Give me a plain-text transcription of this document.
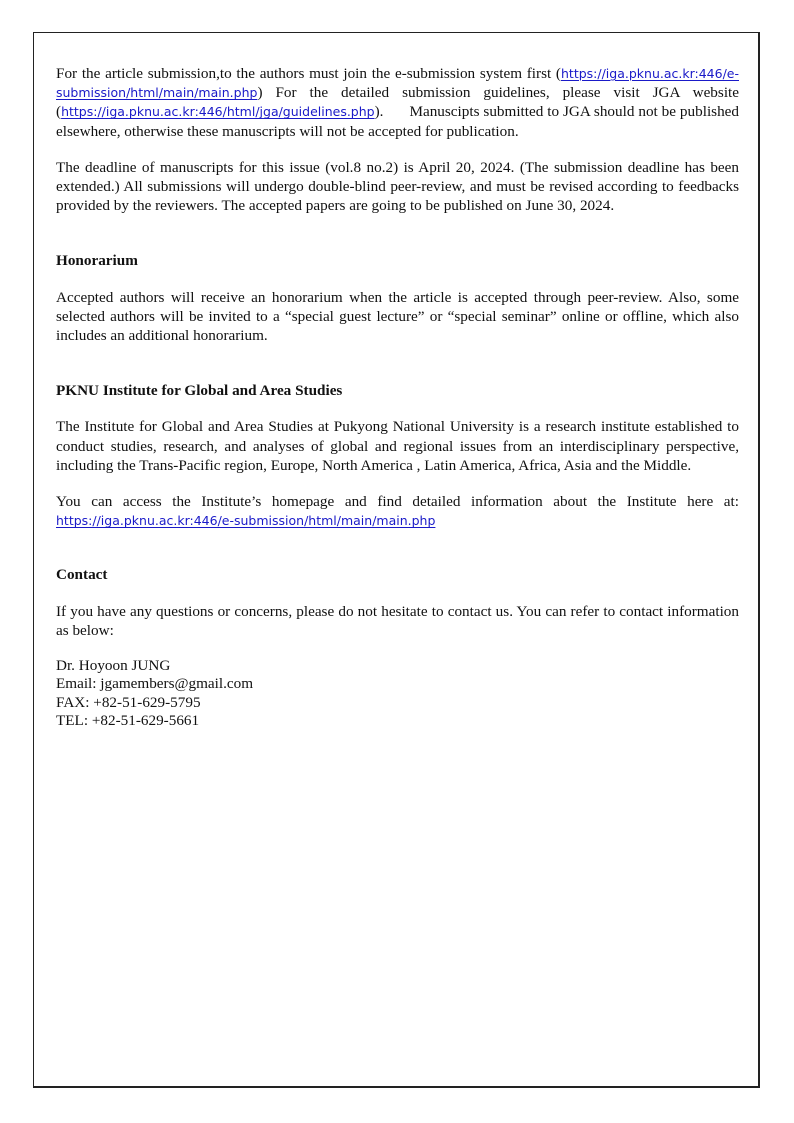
For the article submission,to the authors must join the e-submission system first (https://iga.pknu.ac.kr:446/e-submission/html/main/main.php) For the detailed submission guidelines, please visit JGA website (https://iga.pknu.ac.kr:446/html/jga/guidelines.php). Manuscipts submitted to JGA should not be published elsewhere, otherwise these manuscripts will not be accepted for publication.

The deadline of manuscripts for this issue (vol.8 no.2) is April 20, 2024. (The submission deadline has been extended.) All submissions will undergo double-blind peer-review, and must be revised according to feedbacks provided by the reviewers. The accepted papers are going to be published on June 30, 2024.

Honorarium

Accepted authors will receive an honorarium when the article is accepted through peer-review. Also, some selected authors will be invited to a “special guest lecture” or “special seminar” online or offline, which also includes an additional honorarium.

PKNU Institute for Global and Area Studies

The Institute for Global and Area Studies at Pukyong National University is a research institute established to conduct studies, research, and analyses of global and regional issues from an interdisciplinary perspective, including the Trans-Pacific region, Europe, North America , Latin America, Africa, Asia and the Middle.

You can access the Institute’s homepage and find detailed information about the Institute here at: https://iga.pknu.ac.kr:446/e-submission/html/main/main.php

Contact

If you have any questions or concerns, please do not hesitate to contact us. You can refer to contact information as below:

Dr. Hoyoon JUNG
Email: jgamembers@gmail.com
FAX: +82-51-629-5795
TEL: +82-51-629-5661
